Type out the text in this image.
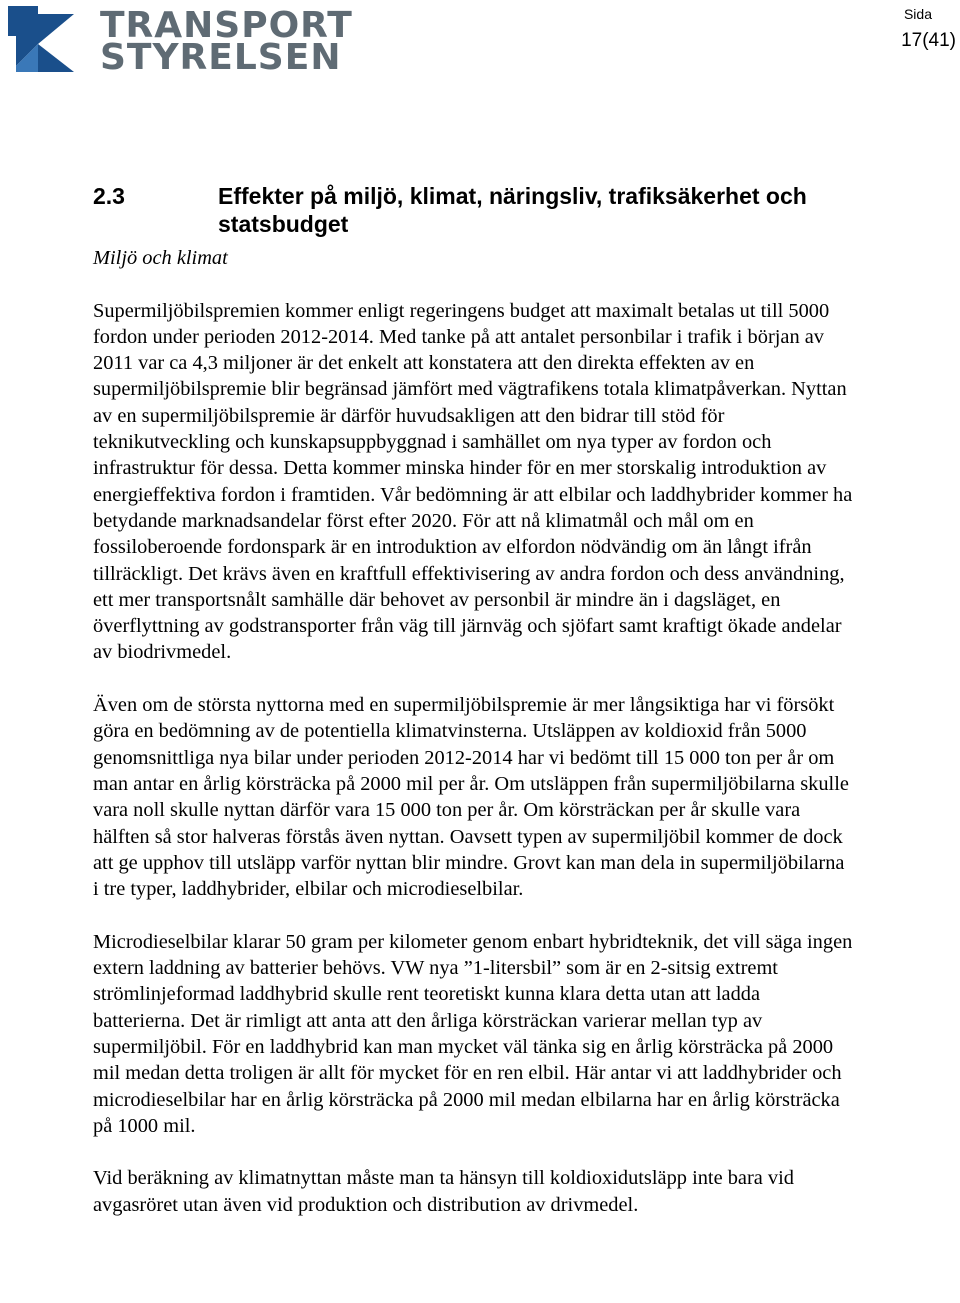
TRANSPORT
STYRELSEN
Sida
17(41)
2.3	Effekter på miljö, klimat, näringsliv, trafiksäkerhet och statsbudget

Miljö och klimat

Supermiljöbilspremien kommer enligt regeringens budget att maximalt betalas ut till 5000 fordon under perioden 2012-2014. Med tanke på att antalet personbilar i trafik i början av 2011 var ca 4,3 miljoner är det enkelt att konstatera att den direkta effekten av en supermiljöbilspremie blir begränsad jämfört med vägtrafikens totala klimatpåverkan. Nyttan av en supermiljöbilspremie är därför huvudsakligen att den bidrar till stöd för teknikutveckling och kunskapsuppbyggnad i samhället om nya typer av fordon och infrastruktur för dessa. Detta kommer minska hinder för en mer storskalig introduktion av energieffektiva fordon i framtiden. Vår bedömning är att elbilar och laddhybrider kommer ha betydande marknadsandelar först efter 2020. För att nå klimatmål och mål om en fossiloberoende fordonspark är en introduktion av elfordon nödvändig om än långt ifrån tillräckligt. Det krävs även en kraftfull effektivisering av andra fordon och dess användning, ett mer transportsnålt samhälle där behovet av personbil är mindre än i dagsläget, en överflyttning av godstransporter från väg till järnväg och sjöfart samt kraftigt ökade andelar av biodrivmedel.

Även om de största nyttorna med en supermiljöbilspremie är mer långsiktiga har vi försökt göra en bedömning av de potentiella klimatvinsterna. Utsläppen av koldioxid från 5000 genomsnittliga nya bilar under perioden 2012-2014 har vi bedömt till 15 000 ton per år om man antar en årlig körsträcka på 2000 mil per år. Om utsläppen från supermiljöbilarna skulle vara noll skulle nyttan därför vara 15 000 ton per år. Om körsträckan per år skulle vara hälften så stor halveras förstås även nyttan. Oavsett typen av supermiljöbil kommer de dock att ge upphov till utsläpp varför nyttan blir mindre. Grovt kan man dela in supermiljöbilarna i tre typer, laddhybrider, elbilar och microdieselbilar.

Microdieselbilar klarar 50 gram per kilometer genom enbart hybridteknik, det vill säga ingen extern laddning av batterier behövs. VW nya ”1-litersbil” som är en 2-sitsig extremt strömlinjeformad laddhybrid skulle rent teoretiskt kunna klara detta utan att ladda batterierna. Det är rimligt att anta att den årliga körsträckan varierar mellan typ av supermiljöbil. För en laddhybrid kan man mycket väl tänka sig en årlig körsträcka på 2000 mil medan detta troligen är allt för mycket för en ren elbil. Här antar vi att laddhybrider och microdieselbilar har en årlig körsträcka på 2000 mil medan elbilarna har en årlig körsträcka på 1000 mil.

Vid beräkning av klimatnyttan måste man ta hänsyn till koldioxidutsläpp inte bara vid avgasröret utan även vid produktion och distribution av drivmedel.
